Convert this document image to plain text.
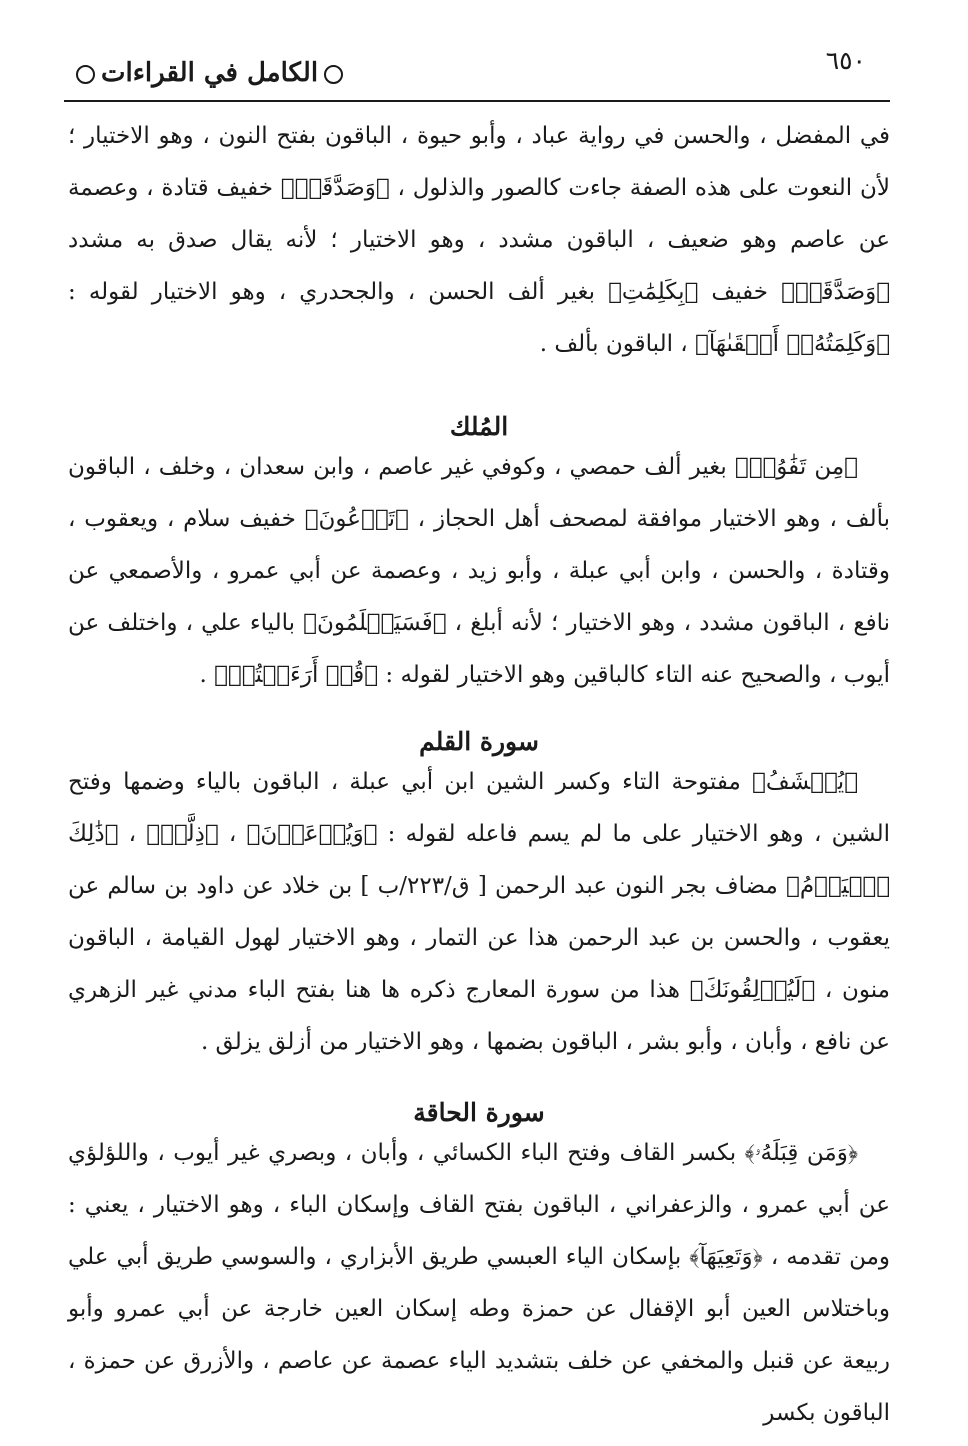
الكامل في القراءات	٦٥٠

في المفضل ، والحسن في رواية عباد ، وأبو حيوة ، الباقون بفتح النون ، وهو الاختيار ؛ لأن النعوت على هذه الصفة جاءت كالصور والذلول ، ﴿وَصَدَّقَتۡ﴾ خفيف قتادة ، وعصمة عن عاصم وهو ضعيف ، الباقون مشدد ، وهو الاختيار ؛ لأنه يقال صدق به مشدد ﴿وَصَدَّقَتۡ﴾ خفيف ﴿بِكَلِمَٰتِ﴾ بغير ألف الحسن ، والجحدري ، وهو الاختيار لقوله : ﴿وَكَلِمَتُهُۥٓ أَلۡقَىٰهَآ﴾ ، الباقون بألف .

المُلك

﴿مِن تَفَٰوُتٖ﴾ بغير ألف حمصي ، وكوفي غير عاصم ، وابن سعدان ، وخلف ، الباقون بألف ، وهو الاختيار موافقة لمصحف أهل الحجاز ، ﴿تَدۡعُونَ﴾ خفيف سلام ، ويعقوب ، وقتادة ، والحسن ، وابن أبي عبلة ، وأبو زيد ، وعصمة عن أبي عمرو ، والأصمعي عن نافع ، الباقون مشدد ، وهو الاختيار ؛ لأنه أبلغ ، ﴿فَسَيَعۡلَمُونَ﴾ بالياء علي ، واختلف عن أيوب ، والصحيح عنه التاء كالباقين وهو الاختيار لقوله : ﴿قُلۡ أَرَءَيۡتُمۡ﴾ .

سورة القلم

﴿يُكۡشَفُ﴾ مفتوحة التاء وكسر الشين ابن أبي عبلة ، الباقون بالياء وضمها وفتح الشين ، وهو الاختيار على ما لم يسم فاعله لقوله : ﴿وَيُدۡعَوۡنَ﴾ ، ﴿ذِلَّةٞ﴾ ، ﴿ذَٰلِكَ ٱلۡيَوۡمُ﴾ مضاف بجر النون عبد الرحمن [ ق/٢٢٣/ب ] بن خلاد عن داود بن سالم عن يعقوب ، والحسن بن عبد الرحمن هذا عن التمار ، وهو الاختيار لهول القيامة ، الباقون منون ، ﴿لَيُزۡلِقُونَكَ﴾ هذا من سورة المعارج ذكره ها هنا بفتح الباء مدني غير الزهري عن نافع ، وأبان ، وأبو بشر ، الباقون بضمها ، وهو الاختيار من أزلق يزلق .

سورة الحاقة

﴿وَمَن قِبَلَهُۥ﴾ بكسر القاف وفتح الباء الكسائي ، وأبان ، وبصري غير أيوب ، واللؤلؤي عن أبي عمرو ، والزعفراني ، الباقون بفتح القاف وإسكان الباء ، وهو الاختيار ، يعني : ومن تقدمه ، ﴿وَتَعِيَهَآ﴾ بإسكان الياء العبسي طريق الأبزاري ، والسوسي طريق أبي علي وباختلاس العين أبو الإقفال عن حمزة وطه إسكان العين خارجة عن أبي عمرو وأبو ربيعة عن قنبل والمخفي عن خلف بتشديد الياء عصمة عن عاصم ، والأزرق عن حمزة ، الباقون بكسر
